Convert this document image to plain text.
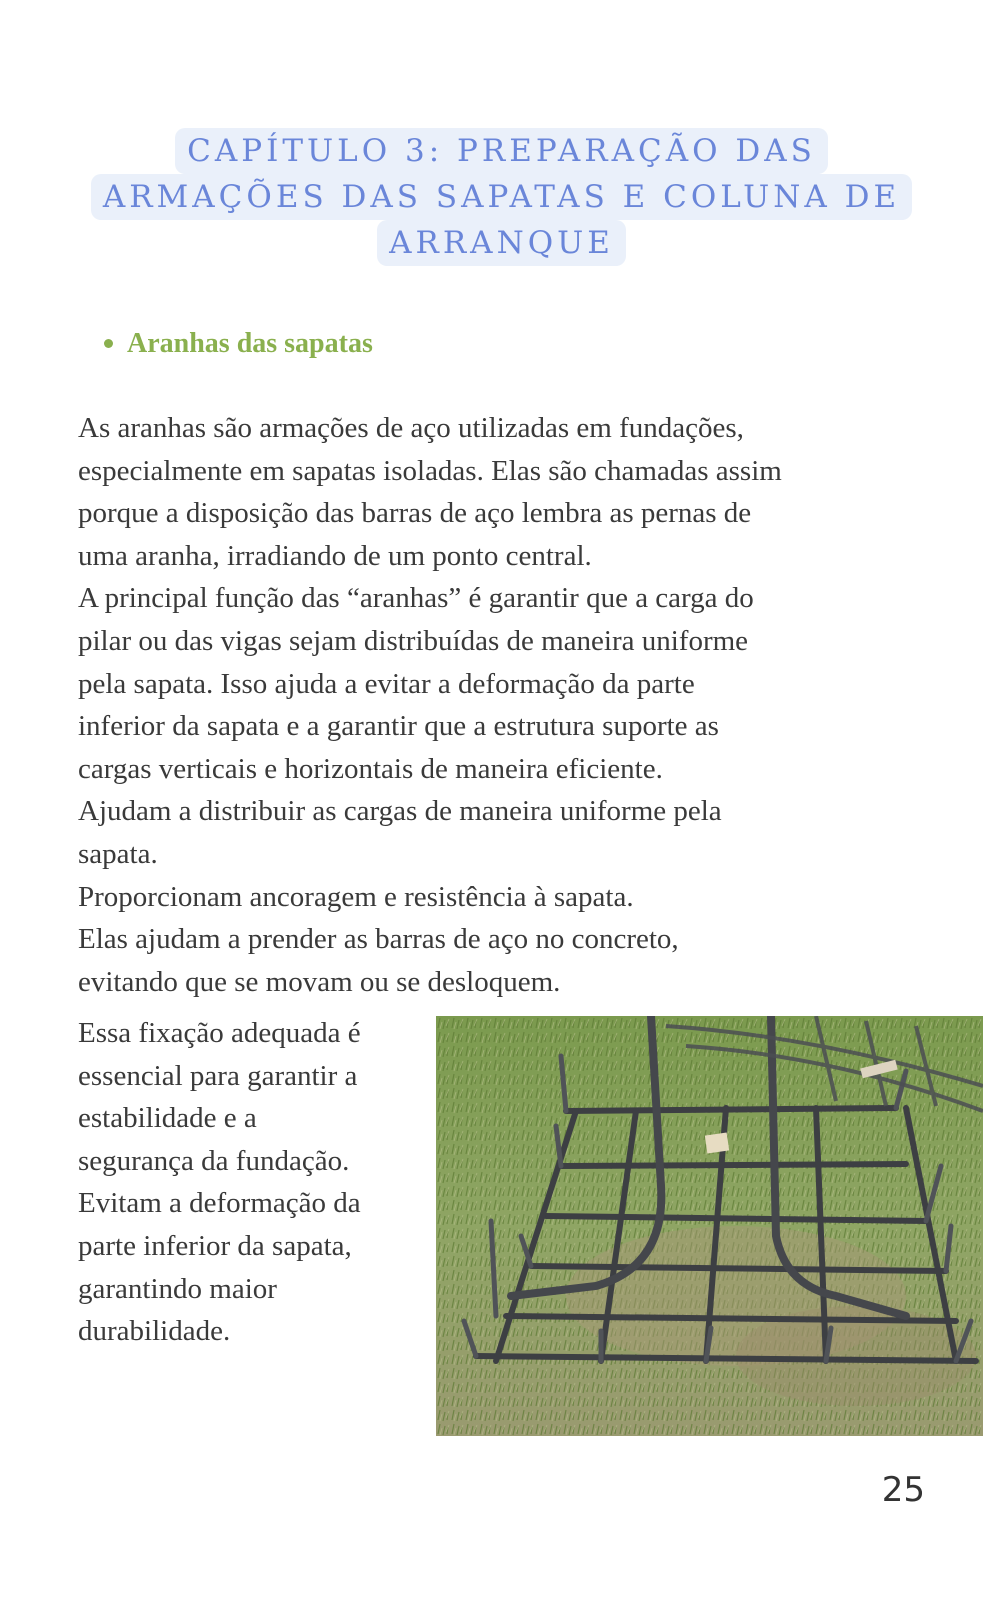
CAPÍTULO 3: PREPARAÇÃO DAS
ARMAÇÕES DAS SAPATAS E COLUNA DE
ARRANQUE
Aranhas das sapatas
As aranhas são armações de aço utilizadas em fundações,
especialmente em sapatas isoladas. Elas são chamadas assim
porque a disposição das barras de aço lembra as pernas de
uma aranha, irradiando de um ponto central.
A principal função das “aranhas” é garantir que a carga do
pilar ou das vigas sejam distribuídas de maneira uniforme
pela sapata. Isso ajuda a evitar a deformação da parte
inferior da sapata e a garantir que a estrutura suporte as
cargas verticais e horizontais de maneira eficiente.
Ajudam a distribuir as cargas de maneira uniforme pela
sapata.
Proporcionam ancoragem e resistência à sapata.
Elas ajudam a prender as barras de aço no concreto,
evitando que se movam ou se desloquem.
Essa fixação adequada é
essencial para garantir a
estabilidade e a
segurança da fundação.
Evitam a deformação da
parte inferior da sapata,
garantindo maior
durabilidade.
25
